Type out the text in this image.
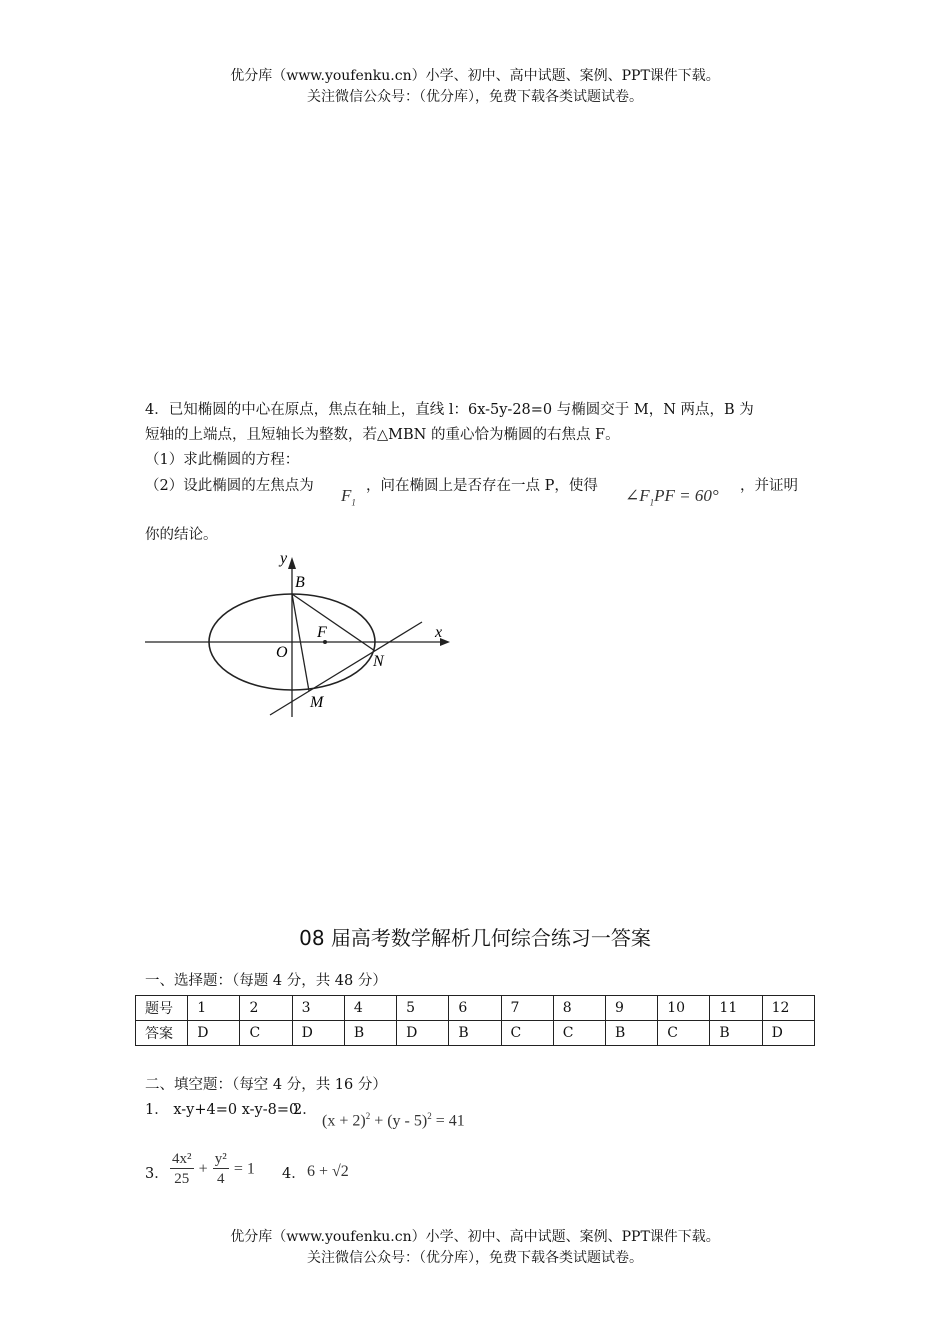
优分库（www.youfenku.cn）小学、初中、高中试题、案例、PPT课件下载。
关注微信公众号：（优分库），免费下载各类试题试卷。
4．已知椭圆的中心在原点，焦点在轴上，直线 l：6x-5y-28=0 与椭圆交于 M，N 两点，B 为
短轴的上端点，且短轴长为整数，若△MBN 的重心恰为椭圆的右焦点 F。
（1）求此椭圆的方程：
（2）设此椭圆的左焦点为 $F_1$
，问在椭圆上是否存在一点 P，使得 $\angle F_1PF = 60^\circ$ ，并证明
你的结论。
y
x
B
F
O
N
M
08 届高考数学解析几何综合练习一答案
一、选择题：（每题 4 分，共 48 分）
题号	1	2	3	4	5	6	7	8	9	10	11	12
答案	D	C	D	B	D	B	C	C	B	C	B	D
二、填空题：（每空 4 分，共 16 分）
1． x-y+4=0 x-y-8=0
2．
$(x + 2)^2 + (y - 5)^2 = 41$
3． $\frac{\text{4x²}}{25} + \frac{\text{y²}}{4} = 1$ 4． 6 + √2
优分库（www.youfenku.cn）小学、初中、高中试题、案例、PPT课件下载。
关注微信公众号：（优分库），免费下载各类试题试卷。
